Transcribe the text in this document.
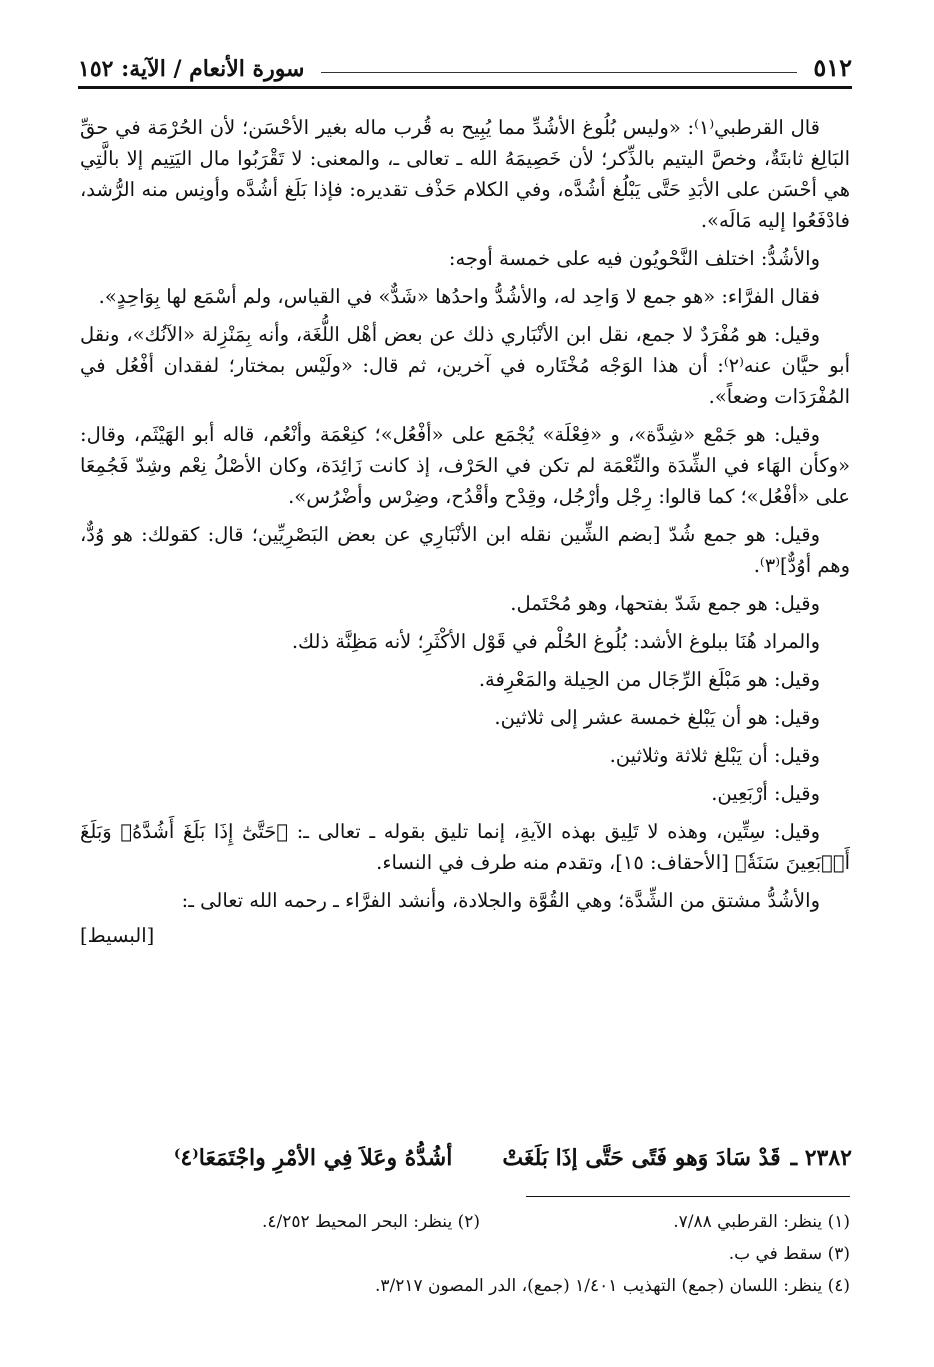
٥١٢
سورة الأنعام / الآية: ١٥٢

قال القرطبي⁽١⁾: «وليس بُلُوغ الأشُدِّ مما يُبِيح به قُرب ماله بغير الأحْسَن؛ لأن الحُرْمَة في حقِّ البَالِغ ثابتَةٌ، وخصَّ اليتيم بالذِّكر؛ لأن خَصِيمَهُ الله ـ تعالى ـ، والمعنى: لا تَقْرَبُوا مال اليَتِيم إلا بالَّتِي هي أحْسَن على الأبَدِ حَتَّى يَبْلُغ أشُدَّه، وفي الكلام حَذْف تقديره: فإذا بَلَغ أشُدَّه وأونِس منه الرُّشد، فادْفَعُوا إليه مَالَه».

والأشُدُّ: اختلف النَّحْويُون فيه على خمسة أوجه:

فقال الفرَّاء: «هو جمع لا وَاحِد له، والأشُدُّ واحدُها «شَدٌّ» في القياس، ولم أسْمَع لها بِوَاحِدٍ».

وقيل: هو مُفْرَدٌ لا جمع، نقل ابن الأنْبَاري ذلك عن بعض أهْل اللُّغَة، وأنه بِمَنْزِلة «الآنُك»، ونقل أبو حيَّان عنه⁽٢⁾: أن هذا الوَجْه مُخْتَاره في آخرين، ثم قال: «ولَيْس بمختار؛ لفقدان أفْعُل في المُفْرَدَات وضعاً».

وقيل: هو جَمْع «شِدَّة»، و «فِعْلَة» يُجْمَع على «أفْعُل»؛ كنِعْمَة وأنْعُم، قاله أبو الهَيْثَم، وقال: «وكأن الهَاء في الشِّدَة والنِّعْمَة لم تكن في الحَرْف، إذ كانت زَائِدَة، وكان الأصْلُ نِعْم وشِدّ فَجُمِعَا على «أفْعُل»؛ كما قالوا: رِجْل وأرْجُل، وقِدْح وأقْدُح، وضِرْس وأضْرُس».

وقيل: هو جمع شُدّ [بضم الشِّين نقله ابن الأنْبَارِي عن بعض البَصْرِيِّين؛ قال: كقولك: هو وُدٌّ، وهم أوُدٌّ]⁽٣⁾.

وقيل: هو جمع شَدّ بفتحها، وهو مُحْتَمل.

والمراد هُنَا ببلوغ الأشد: بُلُوغ الحُلْم في قَوْل الأكْثَرِ؛ لأنه مَظِنَّة ذلك.

وقيل: هو مَبْلَغ الرِّجَال من الحِيلة والمَعْرِفة.

وقيل: هو أن يَبْلغ خمسة عشر إلى ثلاثين.

وقيل: أن يَبْلغ ثلاثة وثلاثين.

وقيل: أرْبَعِين.

وقيل: سِتِّين، وهذه لا تَلِيق بهذه الآيةِ، إنما تليق بقوله ـ تعالى ـ: ﴿حَتَّىٰٓ إِذَا بَلَغَ أَشُدَّهُۥ وَبَلَغَ أَرۡبَعِينَ سَنَةٗ﴾ [الأحقاف: ١٥]، وتقدم منه طرف في النساء.

والأشُدُّ مشتق من الشِّدَّة؛ وهي القُوَّة والجلادة، وأنشد الفرَّاء ـ رحمه الله تعالى ـ:

[البسيط]
٢٣٨٢ ـ
قَدْ سَادَ وَهو فَتًى حَتَّى إذَا بَلَغَتْ
أشُدُّهُ وعَلاَ فِي الأمْرِ واجْتَمَعَا⁽٤⁾
(١) ينظر: القرطبي ٧/٨٨.
(٢) ينظر: البحر المحيط ٤/٢٥٢.
(٣) سقط في ب.
(٤) ينظر: اللسان (جمع) التهذيب ١/٤٠١ (جمع)، الدر المصون ٣/٢١٧.
